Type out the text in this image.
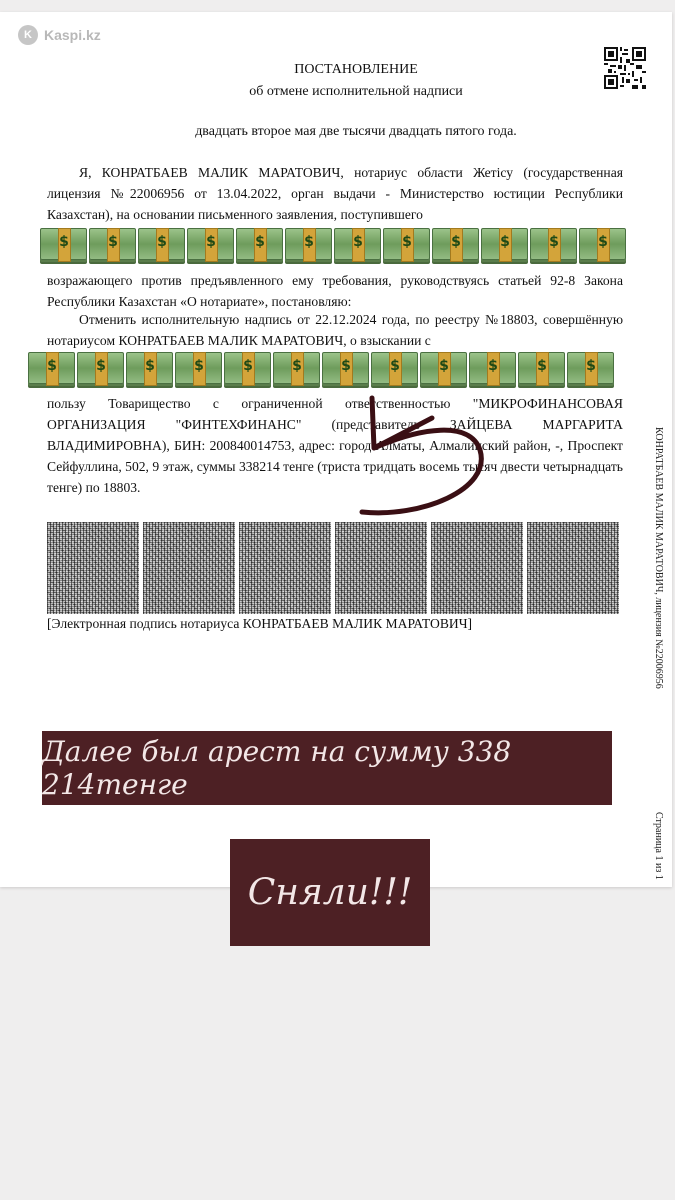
ПОСТАНОВЛЕНИЕ
об отмене исполнительной надписи
двадцать второе мая две тысячи двадцать пятого года.
Я, КОНРАТБАЕВ МАЛИК МАРАТОВИЧ, нотариус области Жетісу (государственная лицензия №22006956 от 13.04.2022, орган выдачи - Министерство юстиции Республики Казахстан), на основании письменного заявления, поступившего
$	$	$	$	$	$	$	$	$	$	$	$
возражающего против предъявленного ему требования, руководствуясь статьей 92-8 Закона Республики Казахстан «О нотариате», постановляю:
Отменить исполнительную надпись от 22.12.2024 года, по реестру №18803, совершённую нотариусом КОНРАТБАЕВ МАЛИК МАРАТОВИЧ, о взыскании с
$	$	$	$	$	$	$	$	$	$	$	$
пользу Товарищество с ограниченной ответственностью "МИКРОФИНАНСОВАЯ ОРГАНИЗАЦИЯ "ФИНТЕХФИНАНС" (представитель ЗАЙЦЕВА МАРГАРИТА ВЛАДИМИРОВНА), БИН: 200840014753, адрес: город Алматы, Алмалинский район, -, Проспект Сейфуллина, 502, 9 этаж, суммы 338214 тенге (триста тридцать восемь тысяч двести четырнадцать тенге) по 18803.
[Электронная подпись нотариуса КОНРАТБАЕВ МАЛИК МАРАТОВИЧ]	КОНРАТБАЕВ МАЛИК МАРАТОВИЧ, лицензия №22006956
Страница 1 из 1
K Kaspi.kz
Далее был арест на сумму 338 214тенге
Сняли!!!
